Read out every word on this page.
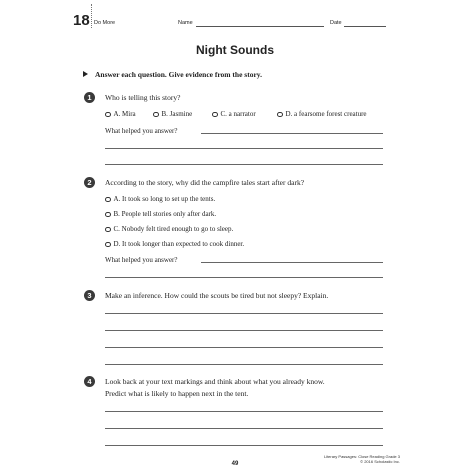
18 Do More	Name	Date
Night Sounds
Answer each question. Give evidence from the story.
1	Who is telling this story?
A. Mira	B. Jasmine	C. a narrator	D. a fearsome forest creature
What helped you answer?
2	According to the story, why did the campfire tales start after dark?
A. It took so long to set up the tents.
B. People tell stories only after dark.
C. Nobody felt tired enough to go to sleep.
D. It took longer than expected to cook dinner.
What helped you answer?
3	Make an inference. How could the scouts be tired but not sleepy? Explain.
4	Look back at your text markings and think about what you already know.
Predict what is likely to happen next in the tent.
49
Literary Passages: Close Reading Grade 3
© 2016 Scholastic Inc.
